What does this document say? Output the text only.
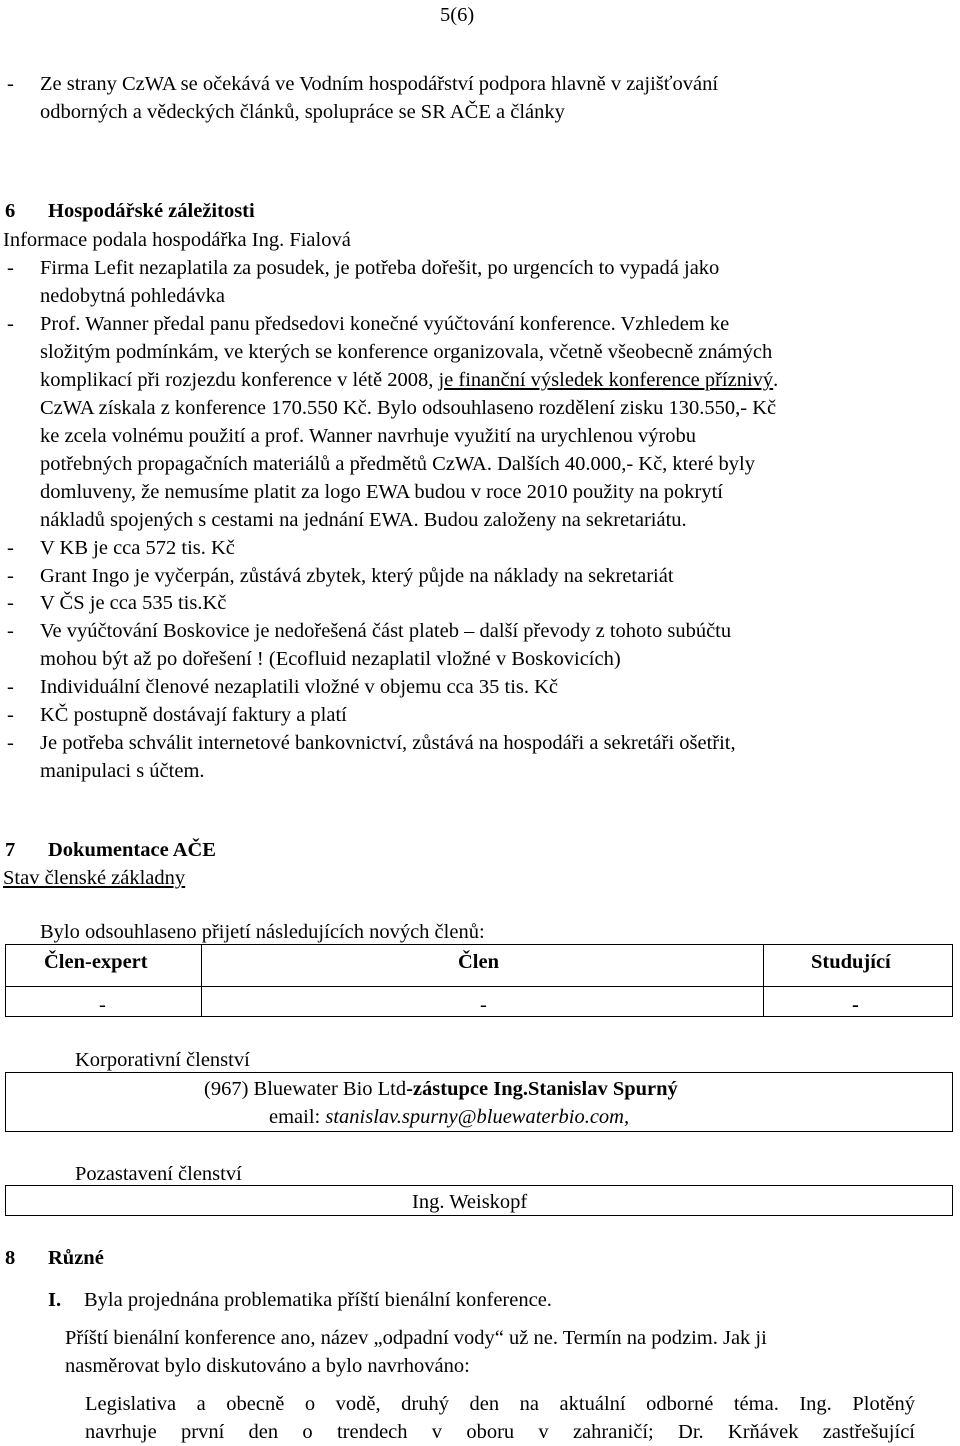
5(6)
- Ze strany CzWA se očekává ve Vodním hospodářství podpora hlavně v zajišťování
odborných a vědeckých článků, spolupráce se SR AČE a články
6 Hospodářské záležitosti
Informace podala hospodářka Ing. Fialová
- Firma Lefit nezaplatila za posudek, je potřeba dořešit, po urgencích to vypadá jako
nedobytná pohledávka
- Prof. Wanner předal panu předsedovi konečné vyúčtování konference. Vzhledem ke
složitým podmínkám, ve kterých se konference organizovala, včetně všeobecně známých
komplikací při rozjezdu konference v létě 2008, je finanční výsledek konference příznivý.
CzWA získala z konference 170.550 Kč. Bylo odsouhlaseno rozdělení zisku 130.550,- Kč
ke zcela volnému použití a prof. Wanner navrhuje využití na urychlenou výrobu
potřebných propagačních materiálů a předmětů CzWA. Dalších 40.000,- Kč, které byly
domluveny, že nemusíme platit za logo EWA budou v roce 2010 použity na pokrytí
nákladů spojených s cestami na jednání EWA. Budou založeny na sekretariátu.
- V KB je cca 572 tis. Kč
- Grant Ingo je vyčerpán, zůstává zbytek, který půjde na náklady na sekretariát
- V ČS je cca 535 tis.Kč
- Ve vyúčtování Boskovice je nedořešená část plateb – další převody z tohoto subúčtu
mohou být až po dořešení ! (Ecofluid nezaplatil vložné v Boskovicích)
- Individuální členové nezaplatili vložné v objemu cca 35 tis. Kč
- KČ postupně dostávají faktury a platí
- Je potřeba schválit internetové bankovnictví, zůstává na hospodáři a sekretáři ošetřit,
manipulaci s účtem.
7 Dokumentace AČE
Stav členské základny
Bylo odsouhlaseno přijetí následujících nových členů:
Člen-expert	Člen	Studující
-	-	-
Korporativní členství
(967) Bluewater Bio Ltd-zástupce Ing.Stanislav Spurný
email: stanislav.spurny@bluewaterbio.com,
Pozastavení členství
Ing. Weiskopf
8 Různé
I. Byla projednána problematika příští bienální konference.
Příští bienální konference ano, název „odpadní vody“ už ne. Termín na podzim. Jak ji
nasměrovat bylo diskutováno a bylo navrhováno:
Legislativa a obecně o vodě, druhý den na aktuální odborné téma. Ing. Plotěný
navrhuje první den o trendech v oboru v zahraničí; Dr. Krňávek zastřešující
